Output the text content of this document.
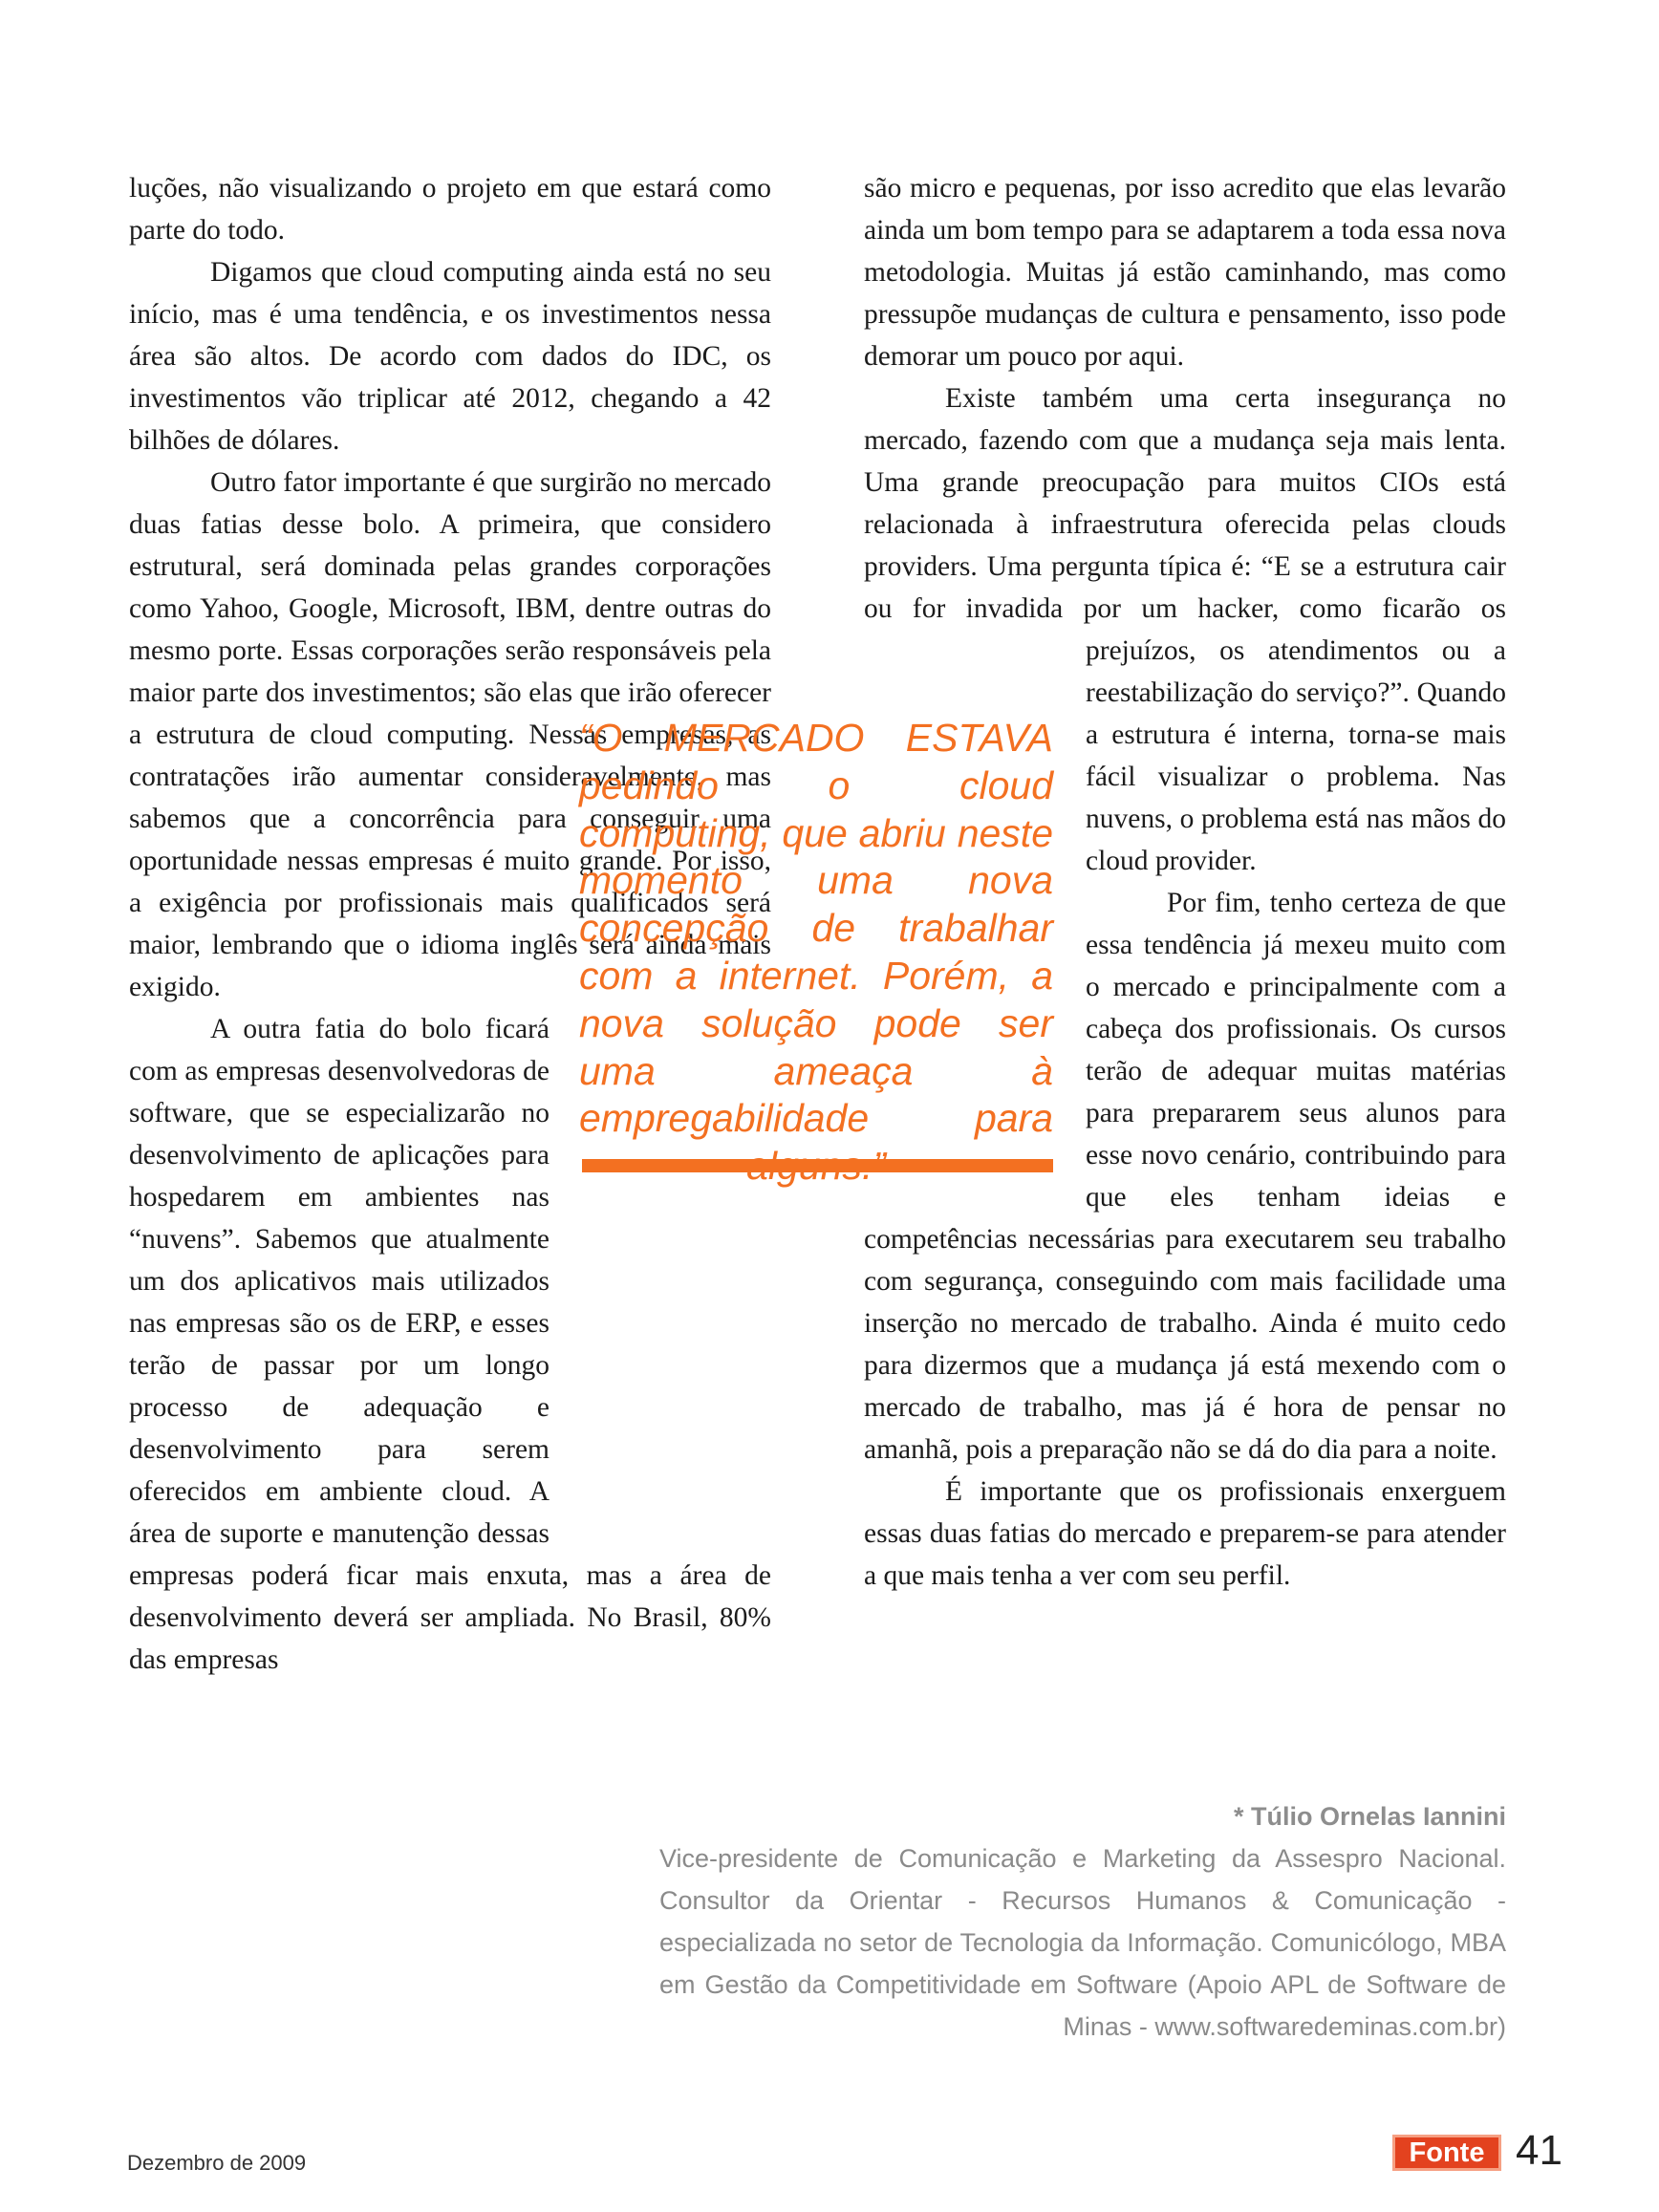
luções, não visualizando o projeto em que estará como parte do todo.

Digamos que cloud computing ainda está no seu início, mas é uma tendência, e os investimentos nessa área são altos. De acordo com dados do IDC, os investimentos vão triplicar até 2012, chegando a 42 bilhões de dólares.

Outro fator importante é que surgirão no mercado duas fatias desse bolo. A primeira, que considero estrutural, será dominada pelas grandes corporações como Yahoo, Google, Microsoft, IBM, dentre outras do mesmo porte. Essas corporações serão responsáveis pela maior parte dos investimentos; são elas que irão oferecer a estrutura de cloud computing. Nessas empresas, as contratações irão aumentar consideravelmente, mas sabemos que a concorrência para conseguir uma oportunidade nessas empresas é muito grande. Por isso, a exigência por profissionais mais qualificados será maior, lembrando que o idioma inglês será ainda mais exigido.

A outra fatia do bolo ficará com as empresas desenvolvedoras de software, que se especializarão no desenvolvimento de aplicações para hospedarem em ambientes nas “nuvens”. Sabemos que atualmente um dos aplicativos mais utilizados nas empresas são os de ERP, e esses terão de passar por um longo processo de adequação e desenvolvimento para serem oferecidos em ambiente cloud. A área de suporte e manutenção dessas empresas poderá ficar mais enxuta, mas a área de desenvolvimento deverá ser ampliada. No Brasil, 80% das empresas

são micro e pequenas, por isso acredito que elas levarão ainda um bom tempo para se adaptarem a toda essa nova metodologia. Muitas já estão caminhando, mas como pressupõe mudanças de cultura e pensamento, isso pode demorar um pouco por aqui.

Existe também uma certa insegurança no mercado, fazendo com que a mudança seja mais lenta. Uma grande preocupação para muitos CIOs está relacionada à infraestrutura oferecida pelas clouds providers. Uma pergunta típica é: “E se a estrutura cair ou for invadida por um hacker, como ficarão os prejuízos, os atendimentos ou a reestabilização do serviço?”. Quando a estrutura é interna, torna-se mais fácil visualizar o problema. Nas nuvens, o problema está nas mãos do cloud provider.

Por fim, tenho certeza de que essa tendência já mexeu muito com o mercado e principalmente com a cabeça dos profissionais. Os cursos terão de adequar muitas matérias para prepararem seus alunos para esse novo cenário, contribuindo para que eles tenham ideias e competências necessárias para executarem seu trabalho com segurança, conseguindo com mais facilidade uma inserção no mercado de trabalho. Ainda é muito cedo para dizermos que a mudança já está mexendo com o mercado de trabalho, mas já é hora de pensar no amanhã, pois a preparação não se dá do dia para a noite.

É importante que os profissionais enxerguem essas duas fatias do mercado e preparem-se para atender a que mais tenha a ver com seu perfil.

“O MERCADO ESTAVA pedindo o cloud computing, que abriu neste momento uma nova concepção de trabalhar com a internet. Porém, a nova solução pode ser uma ameaça à empregabilidade para
* Túlio Ornelas Iannini
Vice-presidente de Comunicação e Marketing da Assespro Nacional. Consultor da Orientar - Recursos Humanos & Comunicação - especializada no setor de Tecnologia da Informação. Comunicólogo, MBA em Gestão da Competitividade em Software (Apoio APL de Software de Minas - www.softwaredeminas.com.br)
Dezembro de 2009	Fonte 41
